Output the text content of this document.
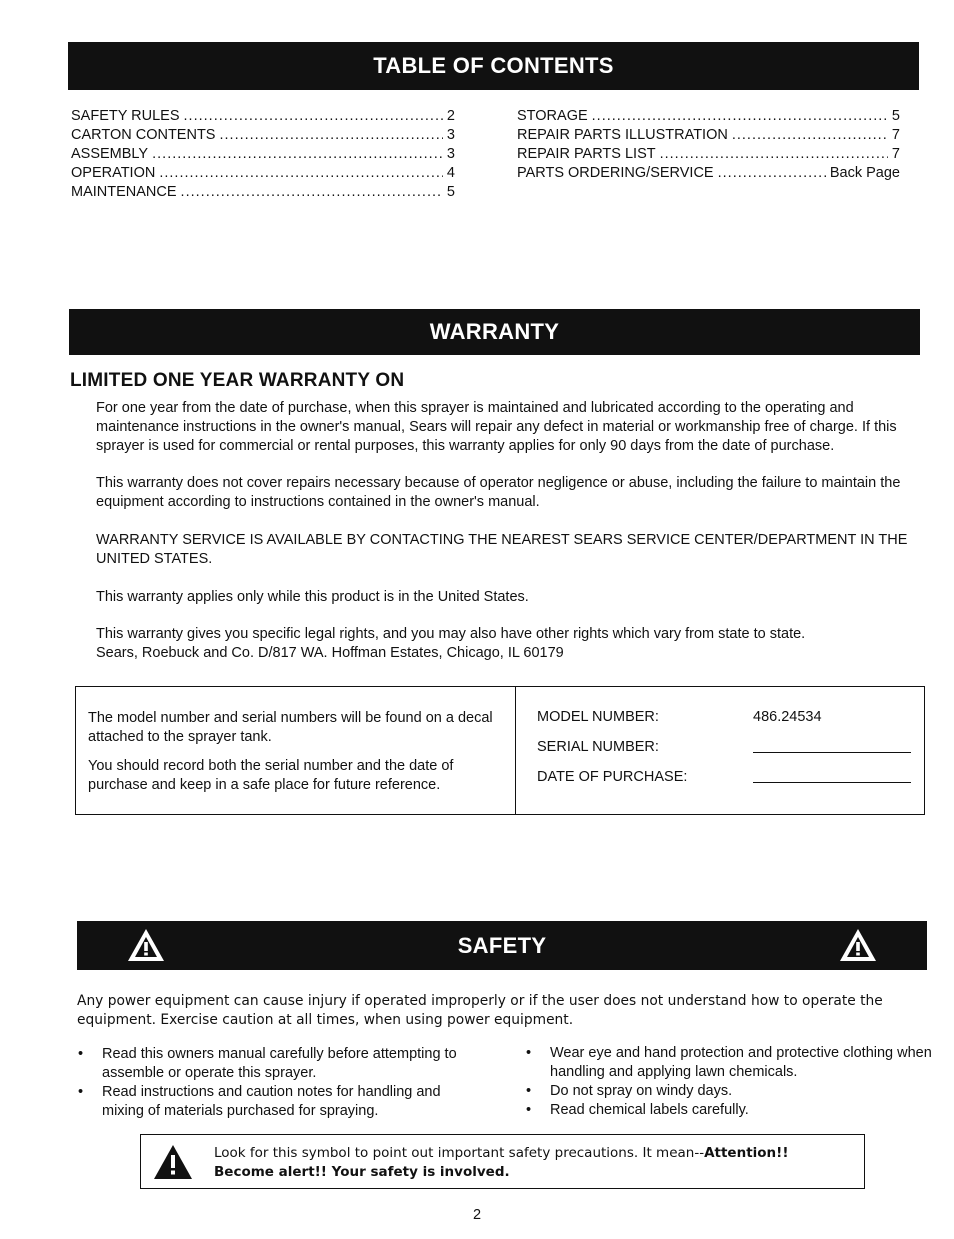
TABLE OF CONTENTS
SAFETY RULES .....	2
CARTON CONTENTS .....	3
ASSEMBLY .....	3
OPERATION .....	4
MAINTENANCE .....	5
STORAGE .....	5
REPAIR PARTS ILLUSTRATION .....	7
REPAIR PARTS LIST .....	7
PARTS ORDERING/SERVICE .....	Back Page
WARRANTY
LIMITED ONE YEAR WARRANTY ON

For one year from the date of purchase, when this sprayer is maintained and lubricated according to the operating and maintenance instructions in the owner's manual, Sears will repair any defect in material or workmanship free of charge. If this sprayer is used for commercial or rental purposes, this warranty applies for only 90 days from the date of purchase.

This warranty does not cover repairs necessary because of operator negligence or abuse, including the failure to maintain the equipment according to instructions contained in the owner's manual.

WARRANTY SERVICE IS AVAILABLE BY CONTACTING THE NEAREST SEARS SERVICE CENTER/DEPARTMENT IN THE UNITED STATES.

This warranty applies only while this product is in the United States.

This warranty gives you specific legal rights, and you may also have other rights which vary from state to state.

Sears, Roebuck and Co. D/817 WA. Hoffman Estates, Chicago, IL 60179

The model number and serial numbers will be found on a decal attached to the sprayer tank.

You should record both the serial number and the date of purchase and keep in a safe place for future reference.

MODEL NUMBER:	486.24534
SERIAL NUMBER:
DATE OF PURCHASE:
SAFETY

Any power equipment can cause injury if operated improperly or if the user does not understand how to operate the equipment. Exercise caution at all times, when using power equipment.

• Read this owners manual carefully before attempting to assemble or operate this sprayer.
• Read instructions and caution notes for handling and mixing of materials purchased for spraying.
• Wear eye and hand protection and protective clothing when handling and applying lawn chemicals.
• Do not spray on windy days.
• Read chemical labels carefully.
Look for this symbol to point out important safety precautions. It mean--Attention!!
Become alert!! Your safety is involved.
2
